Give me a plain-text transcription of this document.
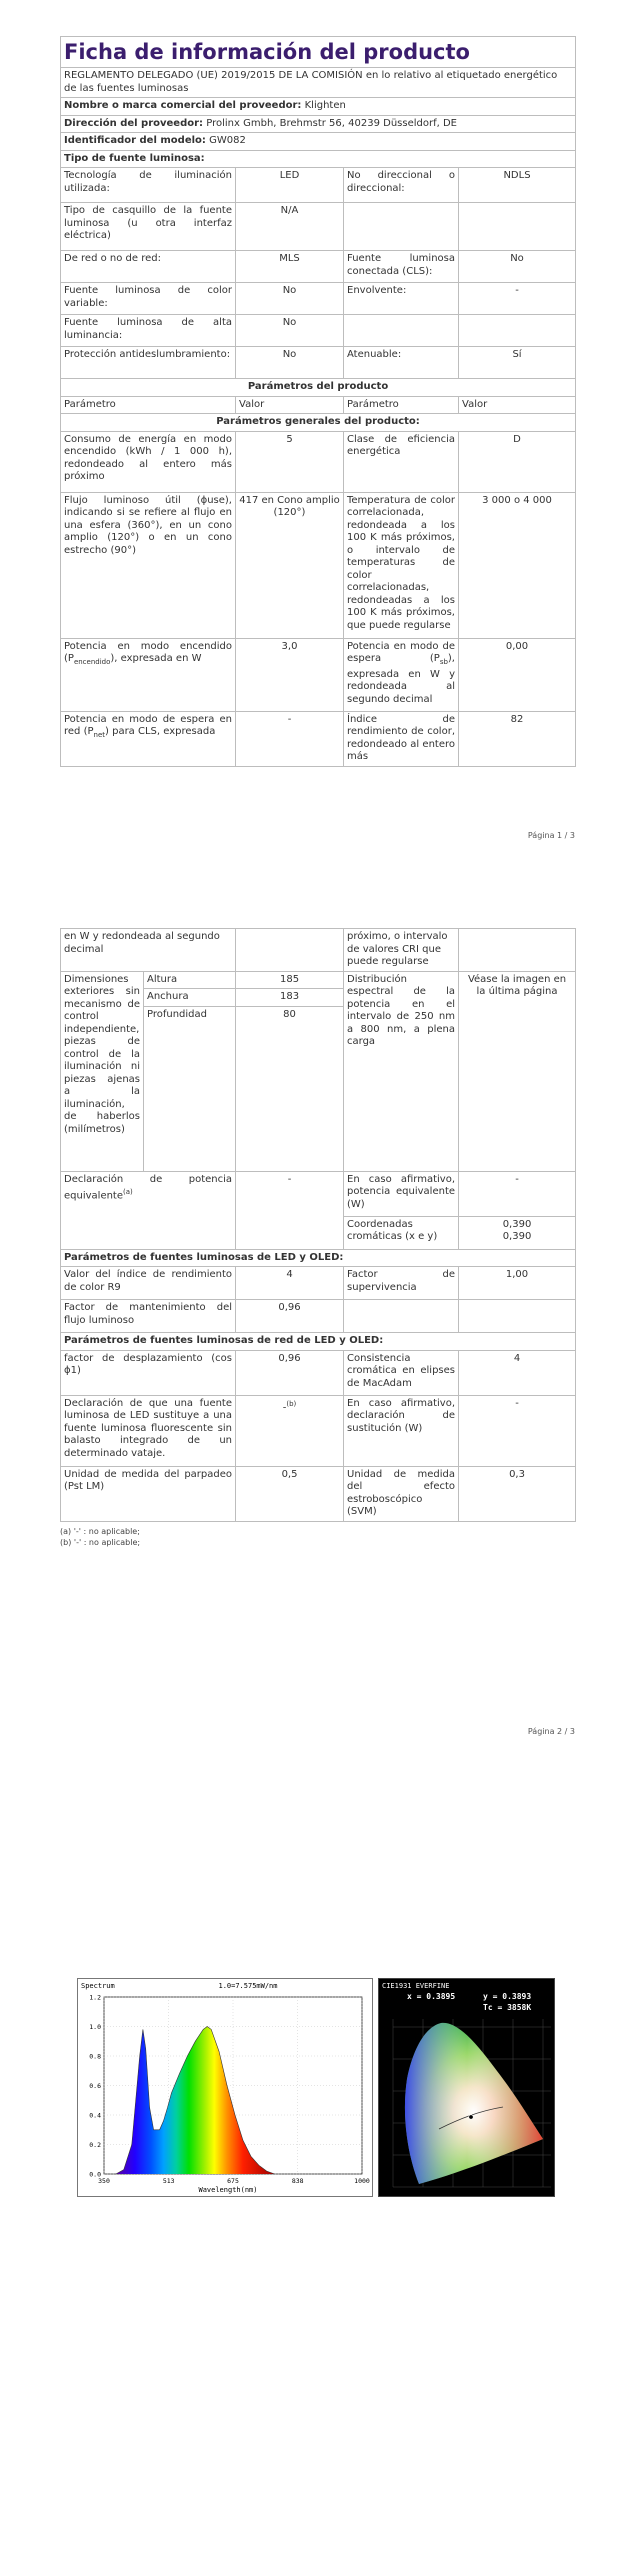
Ficha de información del producto			
REGLAMENTO DELEGADO (UE) 2019/2015 DE LA COMISIÓN en lo relativo al etiquetado energético de las fuentes luminosas			
Nombre o marca comercial del proveedor: Klighten			
Dirección del proveedor: Prolinx Gmbh, Brehmstr 56, 40239 Düsseldorf, DE			
Identificador del modelo: GW082			
Tipo de fuente luminosa:			
Tecnología de iluminación utilizada:	LED	No direccional o direccional:	NDLS
Tipo de casquillo de la fuente luminosa (u otra interfaz eléctrica)	N/A		
De red o no de red:	MLS	Fuente luminosa conectada (CLS):	No
Fuente luminosa de color variable:	No	Envolvente:	-
Fuente luminosa de alta luminancia:	No		
Protección antideslumbramiento:	No	Atenuable:	Sí
Parámetros del producto			
Parámetro	Valor	Parámetro	Valor
Parámetros generales del producto:			
Consumo de energía en modo encendido (kWh / 1 000 h), redondeado al entero más próximo	5	Clase de eficiencia energética	D
Flujo luminoso útil (ϕuse), indicando si se refiere al flujo en una esfera (360°), en un cono amplio (120°) o en un cono estrecho (90°)	417 en Cono amplio (120°)	Temperatura de color correlacionada, redondeada a los 100 K más próximos, o intervalo de temperaturas de color correlacionadas, redondeadas a los 100 K más próximos, que puede regularse	3 000 o 4 000
Potencia en modo encendido $(P_{encendido})$, expresada en W	3,0	Potencia en modo de espera $(P_{sb})$, expresada en W y redondeada al segundo decimal	0,00
Potencia en modo de espera en red $(P_{net})$ para CLS, expresada	-	Índice de rendimiento de color, redondeado al entero más	82
Página 1 / 3
en W y redondeada al segundo decimal			próximo, o intervalo de valores CRI que puede regularse	
Dimensiones exteriores sin mecanismo de control independiente, piezas de control de la iluminación ni piezas ajenas a la iluminación, de haberlos (milímetros)	Altura	185	Distribución espectral de la potencia en el intervalo de 250 nm a 800 nm, a plena carga	Véase la imagen en la última página
	Anchura	183		
	Profundidad	80		
Declaración de potencia equivalente$^{(a)}$		-	En caso afirmativo, potencia equivalente (W)	-
			Coordenadas cromáticas (x e y)	0,390
0,390

Parámetros de fuentes luminosas de LED y OLED:				
Valor del índice de rendimiento de color R9		4	Factor de supervivencia	1,00
Factor de mantenimiento del flujo luminoso		0,96		
Parámetros de fuentes luminosas de red de LED y OLED:				
factor de desplazamiento (cos ϕ1)		0,96	Consistencia cromática en elipses de MacAdam	4
Declaración de que una fuente luminosa de LED sustituye a una fuente luminosa fluorescente sin balasto integrado de un determinado vataje.		-$^{(b)}$	En caso afirmativo, declaración de sustitución (W)	-
Unidad de medida del parpadeo (Pst LM)		0,5	Unidad de medida del efecto estroboscópico (SVM)	0,3
(a) '-' : no aplicable;
(b) '-' : no aplicable;
Página 2 / 3
Spectrum	1.0=7.575mW/nm
Wavelength(nm)
0.0
0.2
0.4
0.6
0.8
1.0
1.2
350	513	675	838	1000
CIE1931 EVERFINE
x = 0.3895	y = 0.3893
Tc = 3858K
